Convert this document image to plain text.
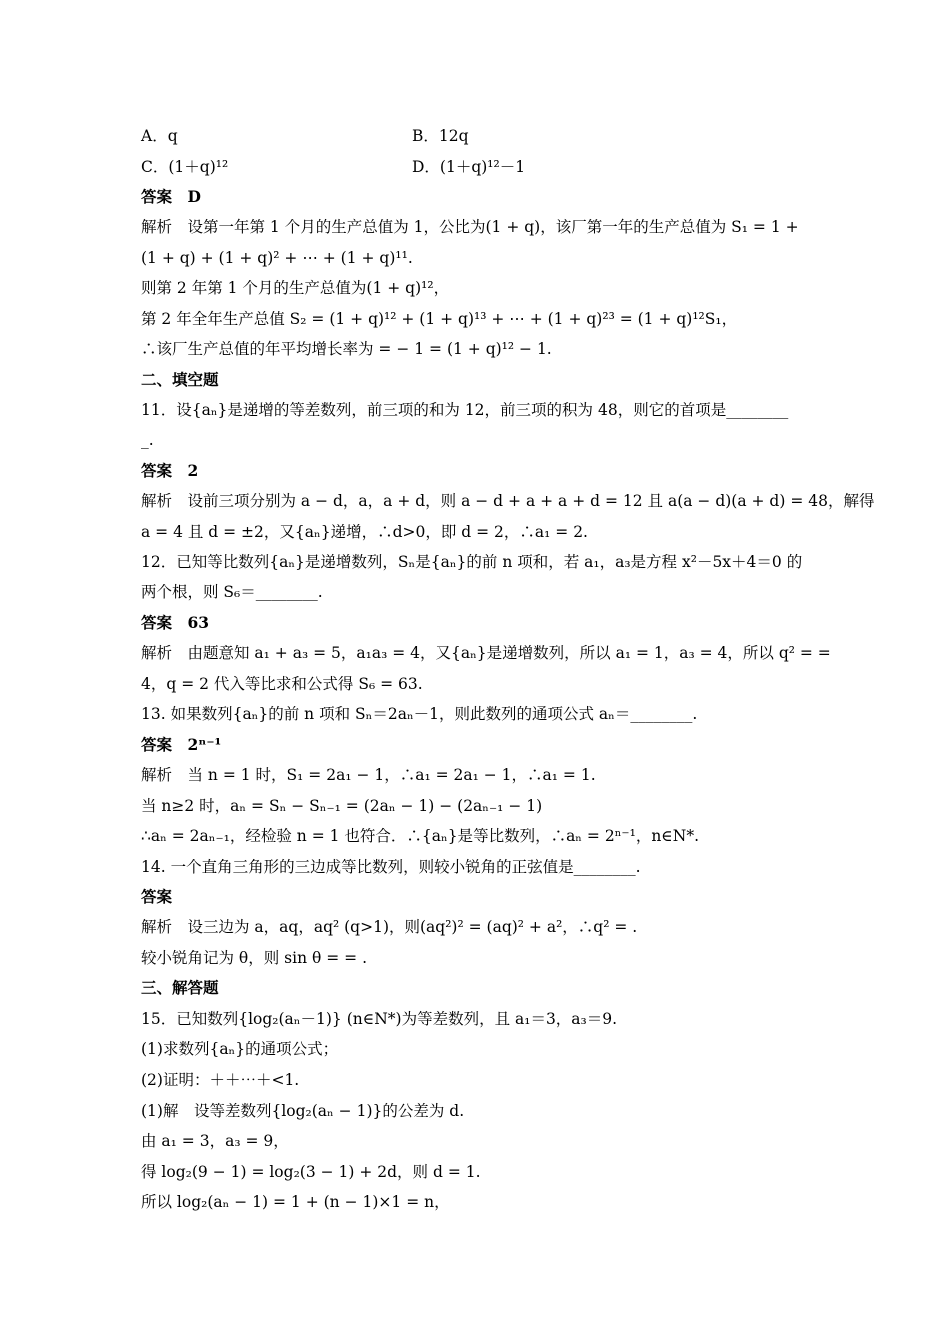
A．q	B．12q
C．(1＋q)¹²	D．(1＋q)¹²－1
答案　D
解析　设第一年第 1 个月的生产总值为 1，公比为(1 + q)，该厂第一年的生产总值为 S₁ = 1 +
(1 + q) + (1 + q)² + ⋯ + (1 + q)¹¹.
则第 2 年第 1 个月的生产总值为(1 + q)¹²，
第 2 年全年生产总值 S₂ = (1 + q)¹² + (1 + q)¹³ + ⋯ + (1 + q)²³ = (1 + q)¹²S₁，
∴该厂生产总值的年平均增长率为 = − 1 = (1 + q)¹² − 1.
二、填空题
11．设{aₙ}是递增的等差数列，前三项的和为 12，前三项的积为 48，则它的首项是________
_.
答案　2
解析　设前三项分别为 a − d，a，a + d，则 a − d + a + a + d = 12 且 a(a − d)(a + d) = 48，解得
a = 4 且 d = ±2，又{aₙ}递增，∴d>0，即 d = 2，∴a₁ = 2.
12．已知等比数列{aₙ}是递增数列，Sₙ是{aₙ}的前 n 项和，若 a₁，a₃是方程 x²－5x＋4＝0 的
两个根，则 S₆＝________.
答案　63
解析　由题意知 a₁ + a₃ = 5，a₁a₃ = 4，又{aₙ}是递增数列，所以 a₁ = 1，a₃ = 4，所以 q² = =
4，q = 2 代入等比求和公式得 S₆ = 63.
13. 如果数列{aₙ}的前 n 项和 Sₙ＝2aₙ－1，则此数列的通项公式 aₙ＝________.
答案　2ⁿ⁻¹
解析　当 n = 1 时，S₁ = 2a₁ − 1，∴a₁ = 2a₁ − 1，∴a₁ = 1.
当 n≥2 时，aₙ = Sₙ − Sₙ₋₁ = (2aₙ − 1) − (2aₙ₋₁ − 1)
∴aₙ = 2aₙ₋₁，经检验 n = 1 也符合．∴{aₙ}是等比数列，∴aₙ = 2ⁿ⁻¹，n∈N*.
14. 一个直角三角形的三边成等比数列，则较小锐角的正弦值是________.
答案
解析　设三边为 a，aq，aq² (q>1)，则(aq²)² = (aq)² + a²，∴q² = .
较小锐角记为 θ，则 sin θ = = .
三、解答题
15．已知数列{log₂(aₙ－1)} (n∈N*)为等差数列，且 a₁＝3，a₃＝9.
(1)求数列{aₙ}的通项公式；
(2)证明：＋＋⋯＋<1.
(1)解　设等差数列{log₂(aₙ − 1)}的公差为 d.
由 a₁ = 3，a₃ = 9，
得 log₂(9 − 1) = log₂(3 − 1) + 2d，则 d = 1.
所以 log₂(aₙ − 1) = 1 + (n − 1)×1 = n，
